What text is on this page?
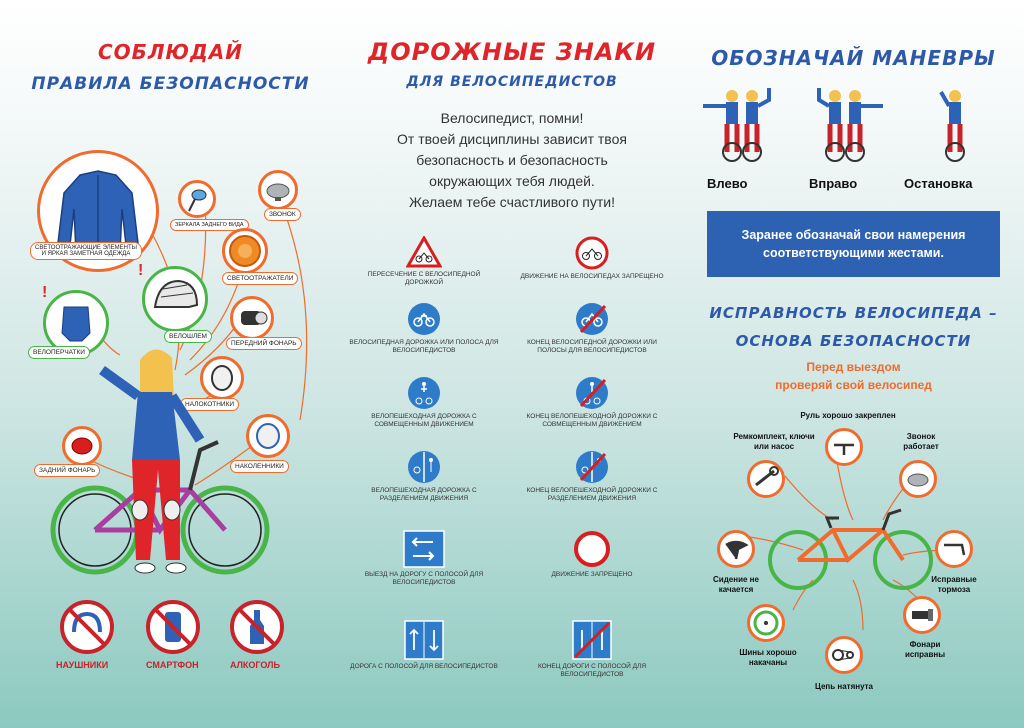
СОБЛЮДАЙ
ПРАВИЛА БЕЗОПАСНОСТИ
СВЕТООТРАЖАЮЩИЕ ЭЛЕМЕНТЫ И ЯРКАЯ ЗАМЕТНАЯ ОДЕЖДА
ЗЕРКАЛА ЗАДНЕГО ВИДА
ЗВОНОК
СВЕТООТРАЖАТЕЛИ
!
ВЕЛОПЕРЧАТКИ
!
ВЕЛОШЛЕМ
ПЕРЕДНИЙ ФОНАРЬ
НАЛОКОТНИКИ
НАКОЛЕННИКИ
ЗАДНИЙ ФОНАРЬ
НАУШНИКИ	СМАРТФОН	АЛКОГОЛЬ
ДОРОЖНЫЕ ЗНАКИ
ДЛЯ ВЕЛОСИПЕДИСТОВ
Велосипедист, помни!
От твоей дисциплины зависит твоя
безопасность и безопасность
окружающих тебя людей.
Желаем тебе счастливого пути!
ПЕРЕСЕЧЕНИЕ С ВЕЛОСИПЕДНОЙ ДОРОЖКОЙ
ДВИЖЕНИЕ НА ВЕЛОСИПЕДАХ ЗАПРЕЩЕНО
ВЕЛОСИПЕДНАЯ ДОРОЖКА ИЛИ ПОЛОСА ДЛЯ ВЕЛОСИПЕДИСТОВ
КОНЕЦ ВЕЛОСИПЕДНОЙ ДОРОЖКИ ИЛИ ПОЛОСЫ ДЛЯ ВЕЛОСИПЕДИСТОВ
ВЕЛОПЕШЕХОДНАЯ ДОРОЖКА С СОВМЕЩЕННЫМ ДВИЖЕНИЕМ
КОНЕЦ ВЕЛОПЕШЕХОДНОЙ ДОРОЖКИ С СОВМЕЩЕННЫМ ДВИЖЕНИЕМ
ВЕЛОПЕШЕХОДНАЯ ДОРОЖКА С РАЗДЕЛЕНИЕМ ДВИЖЕНИЯ
КОНЕЦ ВЕЛОПЕШЕХОДНОЙ ДОРОЖКИ С РАЗДЕЛЕНИЕМ ДВИЖЕНИЯ
ВЫЕЗД НА ДОРОГУ С ПОЛОСОЙ ДЛЯ ВЕЛОСИПЕДИСТОВ
ДВИЖЕНИЕ ЗАПРЕЩЕНО
ДОРОГА С ПОЛОСОЙ ДЛЯ ВЕЛОСИПЕДИСТОВ	КОНЕЦ ДОРОГИ С ПОЛОСОЙ ДЛЯ ВЕЛОСИПЕДИСТОВ
ОБОЗНАЧАЙ МАНЕВРЫ
Влево	Вправо	Остановка
Заранее обозначай свои намерения
соответствующими жестами.
ИСПРАВНОСТЬ ВЕЛОСИПЕДА –
ОСНОВА БЕЗОПАСНОСТИ
Перед выездом
проверяй свой велосипед
Руль хорошо закреплен
Ремкомплект, ключи или насос
Звонок работает
Сидение не качается
Исправные тормоза
Шины хорошо накачаны
Фонари исправны
Цепь натянута
